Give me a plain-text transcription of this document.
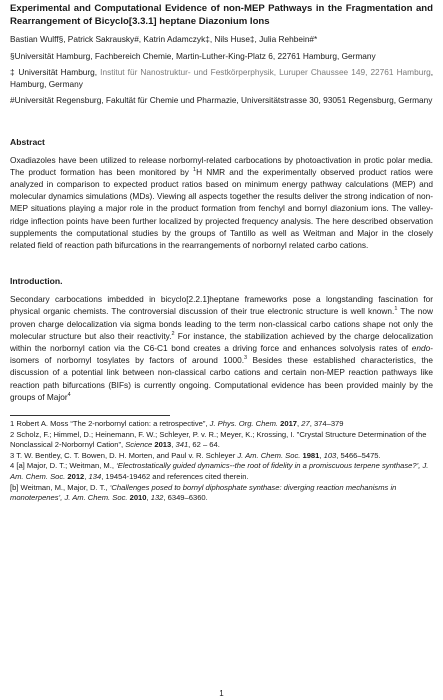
Experimental and Computational Evidence of non-MEP Pathways in the Fragmentation and Rearrangement of Bicyclo[3.3.1] heptane Diazonium Ions

Bastian Wulff§, Patrick Sakrausky#, Katrin Adamczyk‡, Nils Huse‡, Julia Rehbein#*

§Universität Hamburg, Fachbereich Chemie, Martin-Luther-King-Platz 6, 22761 Hamburg, Germany

‡ Universität Hamburg, Institut für Nanostruktur- und Festkörperphysik, Luruper Chaussee 149, 22761 Hamburg, Hamburg, Germany

#Universität Regensburg, Fakultät für Chemie und Pharmazie, Universitätstrasse 30, 93051 Regensburg, Germany

Abstract

Oxadiazoles have been utilized to release norbornyl-related carbocations by photoactivation in protic polar media. The product formation has been monitored by $^1$H NMR and the experimentally observed product ratios were analyzed in comparison to expected product ratios based on minimum energy pathway calculations (MEP) and molecular dynamics simulations (MDs). Viewing all aspects together the results deliver the strong indication of non-MEP situations playing a major role in the product formation from fenchyl and bornyl diazonium ions. The valley-ridge inflection points have been further localized by projected frequency analysis. The here described observation supplements the computational studies by the groups of Tantillo as well as Weitman and Major in the closely related field of reaction path bifurcations in the rearrangements of norbornyl related carbo cations.

Introduction.

Secondary carbocations imbedded in bicyclo[2.2.1]heptane frameworks pose a longstanding fascination for physical organic chemists. The controversial discussion of their true electronic structure is well known.$^1$ The now proven charge delocalization via sigma bonds leading to the term non-classical carbo cations shape not only the molecular structure but also their reactivity.$^2$ For instance, the stabilization achieved by the charge delocalization within the norbornyl cation via the C6-C1 bond creates a driving force and enhances solvolysis rates of endo-isomers of norbornyl tosylates by factors of around 1000.$^3$ Besides these established characteristics, the discussion of a potential link between non-classical carbo cations and certain non-MEP reaction pathways like reaction path bifurcations (BIFs) is currently ongoing. Computational evidence has been provided mainly by the groups of Major$^4$

1 Robert A. Moss “The 2-norbornyl cation: a retrospective”, J. Phys. Org. Chem. 2017, 27, 374–379

2 Scholz, F.; Himmel, D.; Heinemann, F. W.; Schleyer, P. v. R.; Meyer, K.; Krossing, I. "Crystal Structure Determination of the Nonclassical 2-Norbornyl Cation”, Science 2013, 341, 62 – 64.

3 T. W. Bentley, C. T. Bowen, D. H. Morten, and Paul v. R. Schleyer J. Am. Chem. Soc. 1981, 103, 5466–5475.

4 [a] Major, D. T.; Weitman, M., ‘Electrostatically guided dynamics--the root of fidelity in a promiscuous terpene synthase?’, J. Am. Chem. Soc. 2012, 134, 19454-19462 and references cited therein.

[b] Weitman, M., Major, D. T., ‘Challenges posed to bornyl diphosphate synthase: diverging reaction mechanisms in monoterpenes’, J. Am. Chem. Soc. 2010, 132, 6349–6360.

1
